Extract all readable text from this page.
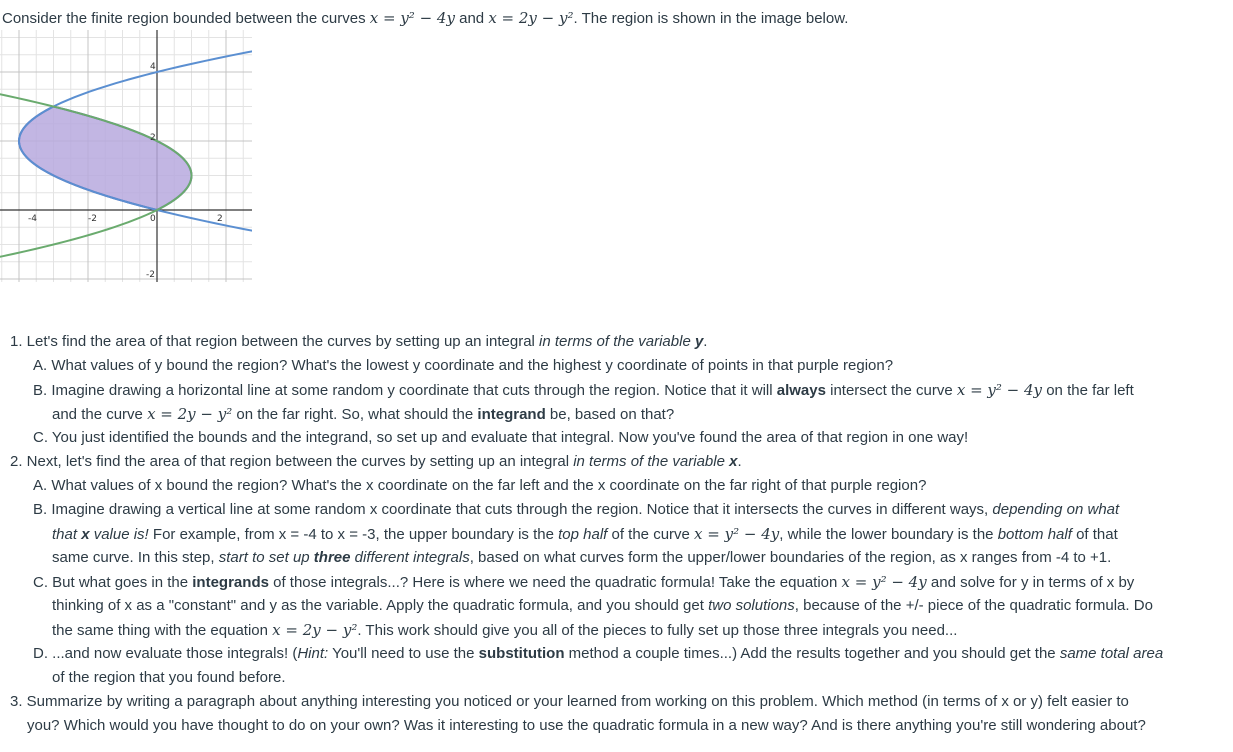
Consider the finite region bounded between the curves x = y² − 4y and x = 2y − y². The region is shown in the image below.
-4	-2	0	2
4
2
-2
1. Let's find the area of that region between the curves by setting up an integral in terms of the variable y.
A. What values of y bound the region? What's the lowest y coordinate and the highest y coordinate of points in that purple region?
B. Imagine drawing a horizontal line at some random y coordinate that cuts through the region. Notice that it will always intersect the curve x = y² − 4y on the far left
and the curve x = 2y − y² on the far right. So, what should the integrand be, based on that?
C. You just identified the bounds and the integrand, so set up and evaluate that integral. Now you've found the area of that region in one way!
2. Next, let's find the area of that region between the curves by setting up an integral in terms of the variable x.
A. What values of x bound the region? What's the x coordinate on the far left and the x coordinate on the far right of that purple region?
B. Imagine drawing a vertical line at some random x coordinate that cuts through the region. Notice that it intersects the curves in different ways, depending on what
that x value is! For example, from x = -4 to x = -3, the upper boundary is the top half of the curve x = y² − 4y, while the lower boundary is the bottom half of that
same curve. In this step, start to set up three different integrals, based on what curves form the upper/lower boundaries of the region, as x ranges from -4 to +1.
C. But what goes in the integrands of those integrals...? Here is where we need the quadratic formula! Take the equation x = y² − 4y and solve for y in terms of x by
thinking of x as a "constant" and y as the variable. Apply the quadratic formula, and you should get two solutions, because of the +/- piece of the quadratic formula. Do
the same thing with the equation x = 2y − y². This work should give you all of the pieces to fully set up those three integrals you need...
D. ...and now evaluate those integrals! (Hint: You'll need to use the substitution method a couple times...) Add the results together and you should get the same total area
of the region that you found before.
3. Summarize by writing a paragraph about anything interesting you noticed or your learned from working on this problem. Which method (in terms of x or y) felt easier to
you? Which would you have thought to do on your own? Was it interesting to use the quadratic formula in a new way? And is there anything you're still wondering about?
